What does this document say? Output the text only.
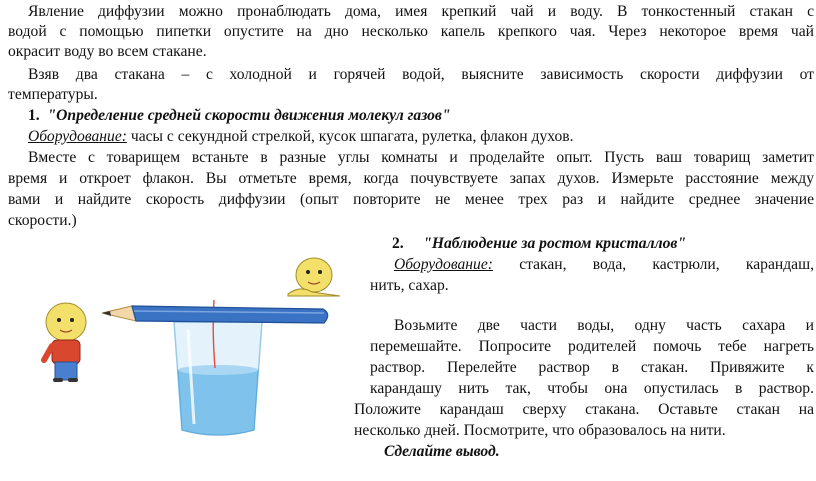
Явление диффузии можно пронаблюдать дома, имея крепкий чай и воду. В тонкостенный стакан с
водой с помощью пипетки опустите на дно несколько капель крепкого чая. Через некоторое время чай
окрасит воду во всем стакане.
Взяв два стакана – с холодной и горячей водой, выясните зависимость скорости диффузии от
температуры.
1. "Определение средней скорости движения молекул газов"
Оборудование: часы с секундной стрелкой, кусок шпагата, рулетка, флакон духов.
Вместе с товарищем встаньте в разные углы комнаты и проделайте опыт. Пусть ваш товарищ заметит
время и откроет флакон. Вы отметьте время, когда почувствуете запах духов. Измерьте расстояние между
вами и найдите скорость диффузии (опыт повторите не менее трех раз и найдите среднее значение
скорости.)
2. "Наблюдение за ростом кристаллов"
Оборудование: стакан, вода, кастрюли, карандаш,
нить, сахар.
Возьмите две части воды, одну часть сахара и
перемешайте. Попросите родителей помочь тебе нагреть
раствор. Перелейте раствор в стакан. Привяжите к
карандашу нить так, чтобы она опустилась в раствор.
Положите карандаш сверху стакана. Оставьте стакан на
несколько дней. Посмотрите, что образовалось на нити.
Сделайте вывод.
